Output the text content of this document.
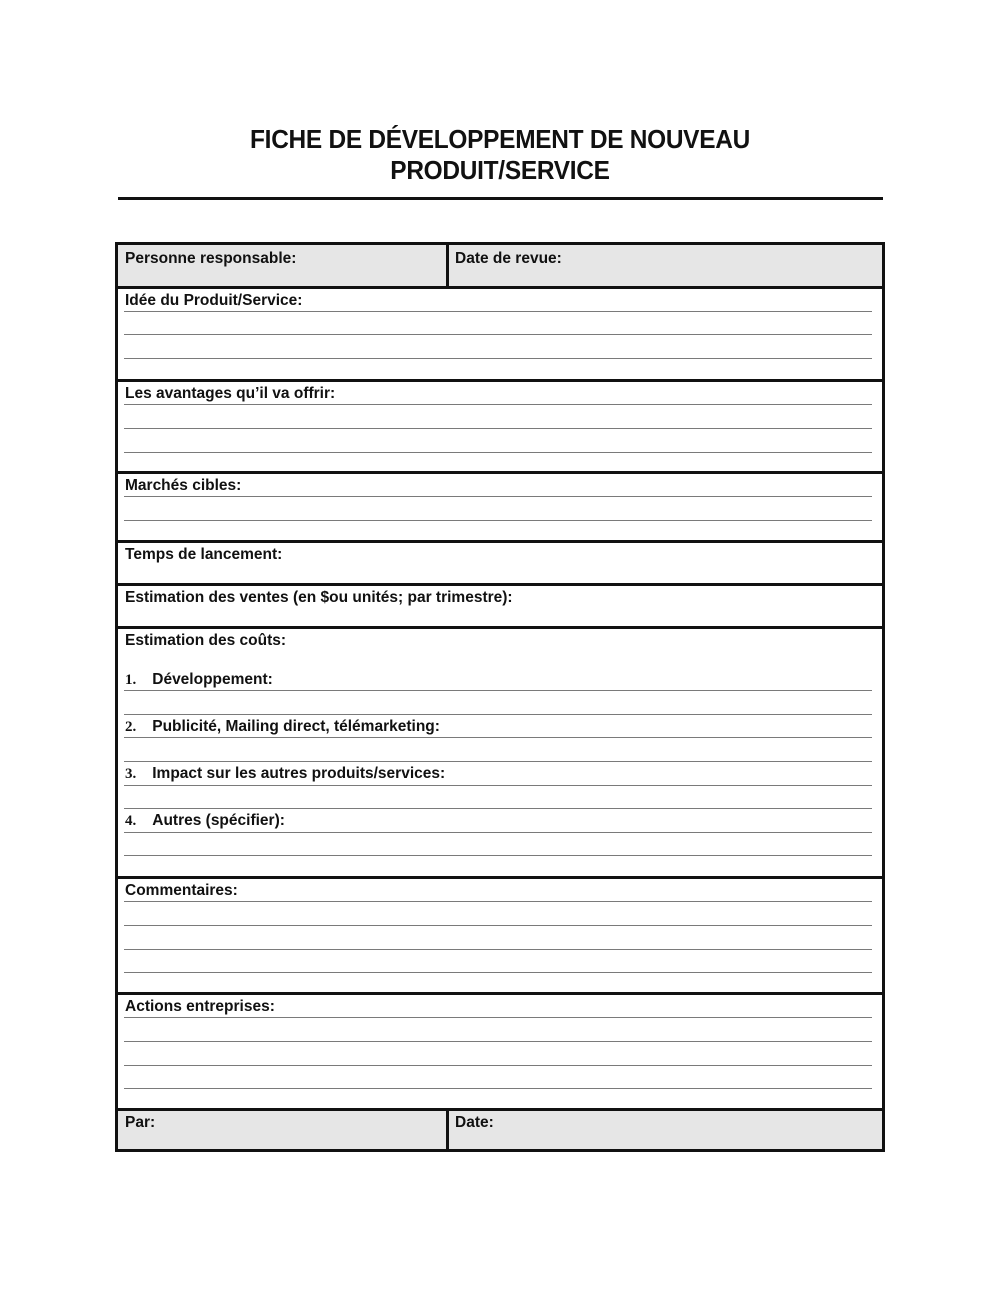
FICHE DE DÉVELOPPEMENT DE NOUVEAU
PRODUIT/SERVICE
Personne responsable:	Date de revue:
Idée du Produit/Service:
Les avantages qu’il va offrir:
Marchés cibles:
Temps de lancement:
Estimation des ventes (en $ou unités; par trimestre):
Estimation des coûts:
1. Développement:
2. Publicité, Mailing direct, télémarketing:
3. Impact sur les autres produits/services:
4. Autres (spécifier):
Commentaires:
Actions entreprises:
Par:	Date:
